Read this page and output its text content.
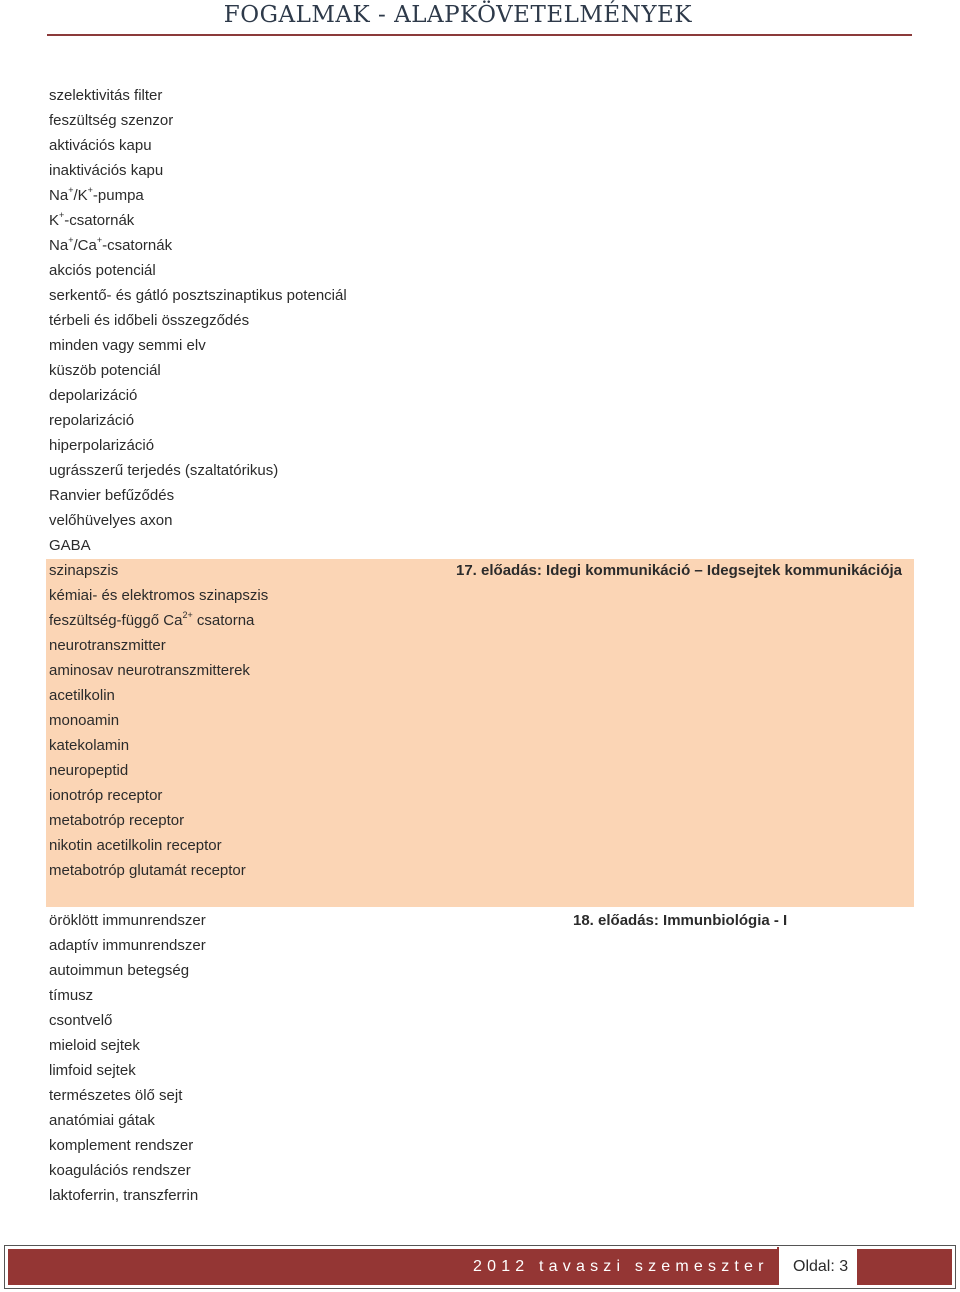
FOGALMAK - ALAPKÖVETELMÉNYEK
szelektivitás filter
feszültség szenzor
aktivációs kapu
inaktivációs kapu
Na+/K+-pumpa
K+-csatornák
Na+/Ca+-csatornák
akciós potenciál
serkentő- és gátló posztszinaptikus potenciál
térbeli és időbeli összegződés
minden vagy semmi elv
küszöb potenciál
depolarizáció
repolarizáció
hiperpolarizáció
ugrásszerű terjedés (szaltatórikus)
Ranvier befűződés
velőhüvelyes axon
GABA
17. előadás: Idegi kommunikáció – Idegsejtek kommunikációja
szinapszis
kémiai- és elektromos szinapszis
feszültség-függő $Ca^{2+}$ csatorna
neurotranszmitter
aminosav neurotranszmitterek
acetilkolin
monoamin
katekolamin
neuropeptid
ionotróp receptor
metabotróp receptor
nikotin acetilkolin receptor
metabotróp glutamát receptor
18. előadás: Immunbiológia - I
öröklött immunrendszer
adaptív immunrendszer
autoimmun betegség
tímusz
csontvelő
mieloid sejtek
limfoid sejtek
természetes ölő sejt
anatómiai gátak
komplement rendszer
koagulációs rendszer
laktoferrin, transzferrin
2012 tavaszi szemeszter Oldal: 3
